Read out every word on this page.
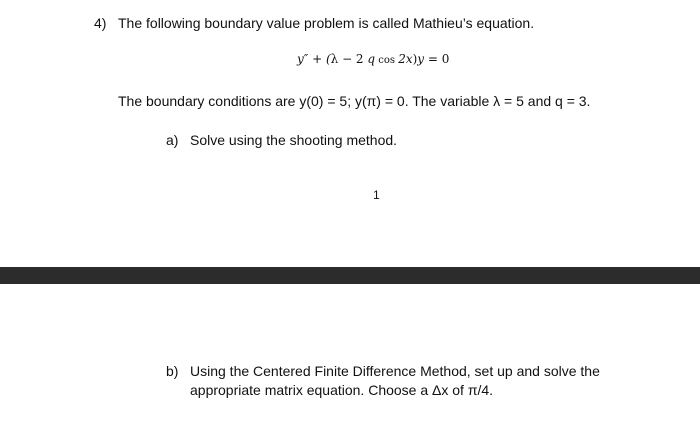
4) The following boundary value problem is called Mathieu’s equation.
y″ + (λ − 2 q cos 2x)y = 0
The boundary conditions are y(0) = 5; y(π) = 0. The variable λ = 5 and q = 3.
a) Solve using the shooting method.
1
b) Using the Centered Finite Difference Method, set up and solve the
appropriate matrix equation. Choose a Δx of π/4.
